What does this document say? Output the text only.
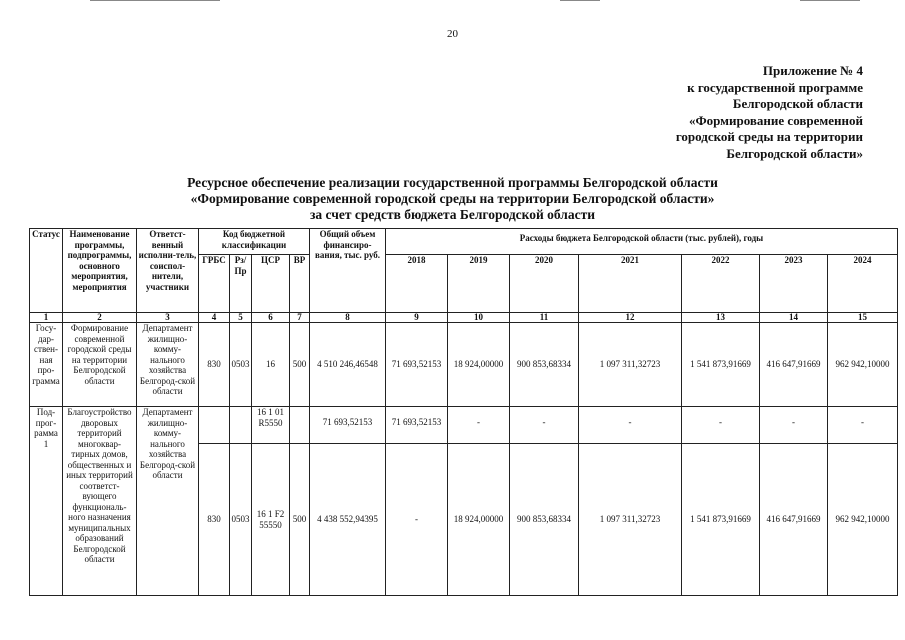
20
Приложение № 4
к государственной программе
Белгородской области
«Формирование современной
городской среды на территории
Белгородской области»
Ресурсное обеспечение реализации государственной программы Белгородской области
«Формирование современной городской среды на территории Белгородской области»
за счет средств бюджета Белгородской области
Статус	Наименование программы, подпрограммы, основного мероприятия, мероприятия	Ответст-венный исполни-тель, соиспол-нители, участники	Код бюджетной классификации				Общий объем финансиро-вания, тыс. руб.	Расходы бюджета Белгородской области (тыс. рублей), годы						
			ГРБС	Рз/Пр	ЦСР	ВР		2018	2019	2020	2021	2022	2023	2024
1	2	3	4	5	6	7	8	9	10	11	12	13	14	15
Госу-дар-ствен-ная про-грамма	Формирование современной городской среды на территории Белгородской области	Департамент жилищно-комму-нального хозяйства Белгород-ской области	830	0503	16	500	4 510 246,46548	71 693,52153	18 924,00000	900 853,68334	1 097 311,32723	1 541 873,91669	416 647,91669	962 942,10000
Под-прог-рамма 1	Благоустройство дворовых территорий многоквар-тирных домов, общественных и иных территорий соответст-вующего функциональ-ного назначения муниципальных образований Белгородской области	Департамент жилищно-комму-нального хозяйства Белгород-ской области			16 1 01 R5550		71 693,52153	71 693,52153	-	-	-	-	-	-
			830	0503	16 1 F2 55550	500	4 438 552,94395	-	18 924,00000	900 853,68334	1 097 311,32723	1 541 873,91669	416 647,91669	962 942,10000
